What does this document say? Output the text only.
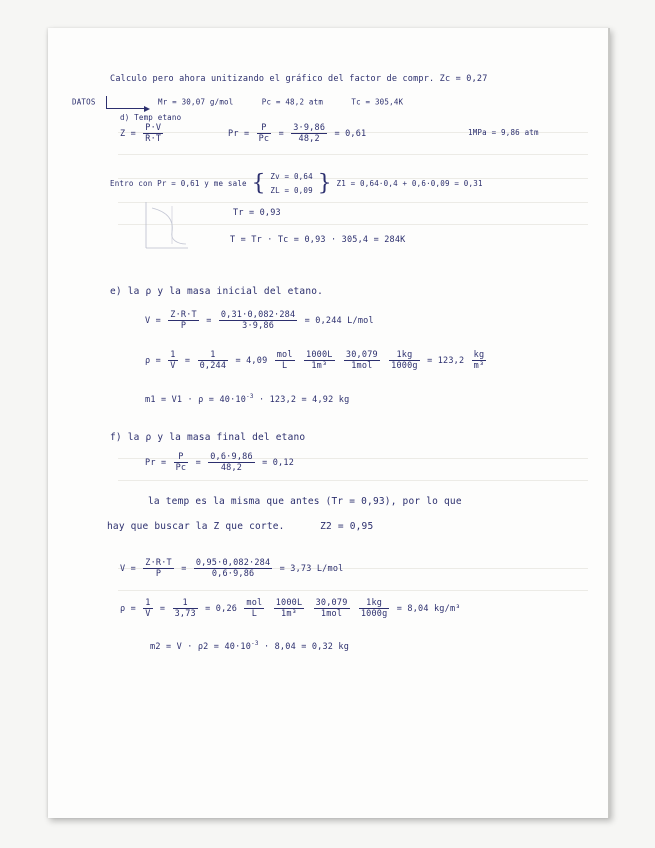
Calculo pero ahora unitizando el gráfico del factor de compr. Zc = 0,27
DATOS	Mr = 30,07 g/mol	Pc = 48,2 atm	Tc = 305,4K
d) Temp etano
$Z = \frac{P\cdot V}{R\cdot T}$	$Pr = \frac{P}{Pc} = \frac{3\cdot 9,86}{48,2} = 0,61$	1MPa = 9,86 atm
Entro con Pr = 0,61 y me sale { Zv = 0,64
ZL = 0,09 } Z1 = 0,64·0,4 + 0,6·0,09 = 0,31
Tr = 0,93
T = Tr · Tc = 0,93 · 305,4 = 284K
e) la ρ y la masa inicial del etano.
$V = \frac{Z\cdot R\cdot T}{P} = \frac{0,31\cdot 0,082\cdot 284}{3\cdot 9,86} = 0,244$ L/mol
$\rho = \frac{1}{V} = \frac{1}{0,244} = 4,09 \frac{\text{mol}}{L}$
$\frac{1000L}{\text{1m³}}$
$\frac{30,079}{\text{1mol}}$
$\frac{1kg}{1000g} = 123,2 \frac{kg}{\text{m³}}$
$m1 = V1 \cdot \rho = 40\cdot 10^{-3} \cdot 123,2 = 4,92$ kg
f) la ρ y la masa final del etano
$Pr = \frac{P}{Pc} = \frac{0,6\cdot 9,86}{48,2} = 0,12$
la temp es la misma que antes (Tr = 0,93), por lo que
hay que buscar la Z que corte.	Z2 = 0,95
$V = \frac{Z\cdot R\cdot T}{P} = \frac{0,95\cdot 0,082\cdot 284}{0,6\cdot 9,86} = 3,73$ L/mol
$\rho = \frac{1}{V} = \frac{1}{3,73} = 0,26 \frac{\text{mol}}{L}$
$\frac{1000L}{\text{1m³}}$
$\frac{30,079}{\text{1mol}}$
$\frac{1kg}{1000g} = 8,04$ kg/m³
$m2 = V \cdot \rho 2 = 40\cdot 10^{-3} \cdot 8,04 = 0,32$ kg
